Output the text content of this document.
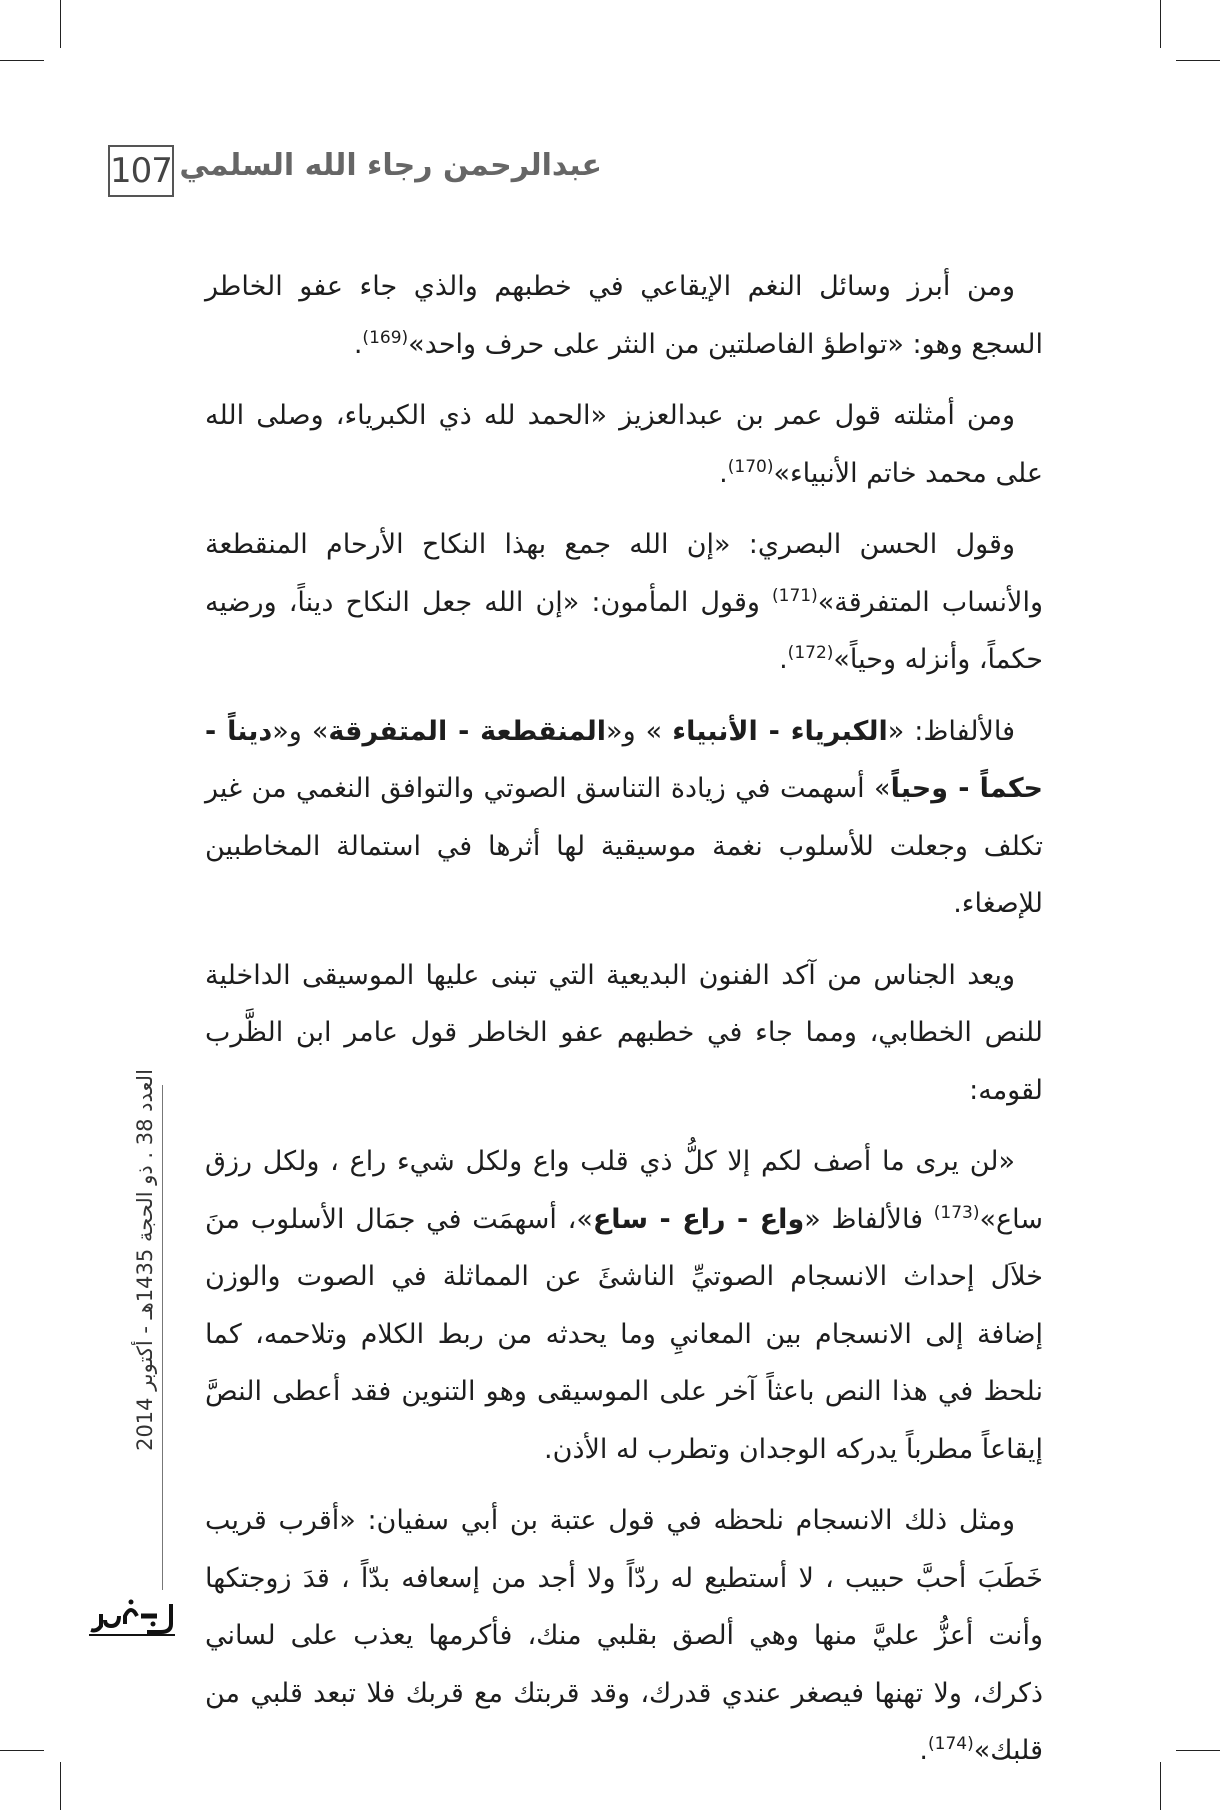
107 عبدالرحمن رجاء الله السلمي

ومن أبرز وسائل النغم الإيقاعي في خطبهم والذي جاء عفو الخاطر السجع وهو: «تواطؤ الفاصلتين من النثر على حرف واحد»$^{(169)}$.

ومن أمثلته قول عمر بن عبدالعزيز «الحمد لله ذي الكبرياء، وصلى الله على محمد خاتم الأنبياء»$^{(170)}$.

وقول الحسن البصري: «إن الله جمع بهذا النكاح الأرحام المنقطعة والأنساب المتفرقة»$^{(171)}$ وقول المأمون: «إن الله جعل النكاح ديناً، ورضيه حكماً، وأنزله وحياً»$^{(172)}$.

فالألفاظ: «الكبرياء - الأنبياء » و«المنقطعة - المتفرقة» و«ديناً - حكماً - وحياً» أسهمت في زيادة التناسق الصوتي والتوافق النغمي من غير تكلف وجعلت للأسلوب نغمة موسيقية لها أثرها في استمالة المخاطبين للإصغاء.

ويعد الجناس من آكد الفنون البديعية التي تبنى عليها الموسيقى الداخلية للنص الخطابي، ومما جاء في خطبهم عفو الخاطر قول عامر ابن الظَّرب لقومه:

«لن يرى ما أصف لكم إلا كلُّ ذي قلب واع ولكل شيء راع ، ولكل رزق ساع»$^{(173)}$ فالألفاظ «واع - راع - ساع»، أسهمَت في جمَال الأسلوب منَ خلاَل إحداث الانسجام الصوتيِّ الناشئَ عن المماثلة في الصوت والوزن إضافة إلى الانسجام بين المعانيِ وما يحدثه من ربط الكلام وتلاحمه، كما نلحظ في هذا النص باعثاً آخر على الموسيقى وهو التنوين فقد أعطى النصَّ إيقاعاً مطرباً يدركه الوجدان وتطرب له الأذن.

ومثل ذلك الانسجام نلحظه في قول عتبة بن أبي سفيان: «أقرب قريب خَطَبَ أحبَّ حبيب ، لا أستطيع له ردّاً ولا أجد من إسعافه بدّاً ، قدَ زوجتكها وأنت أعزُّ عليَّ منها وهي ألصق بقلبي منك، فأكرمها يعذب على لساني ذكرك، ولا تهنها فيصغر عندي قدرك، وقد قربتك مع قربك فلا تبعد قلبي من قلبك»$^{(174)}$.

العدد 38 . ذو الحجة 1435هـ - أكتوبر 2014
